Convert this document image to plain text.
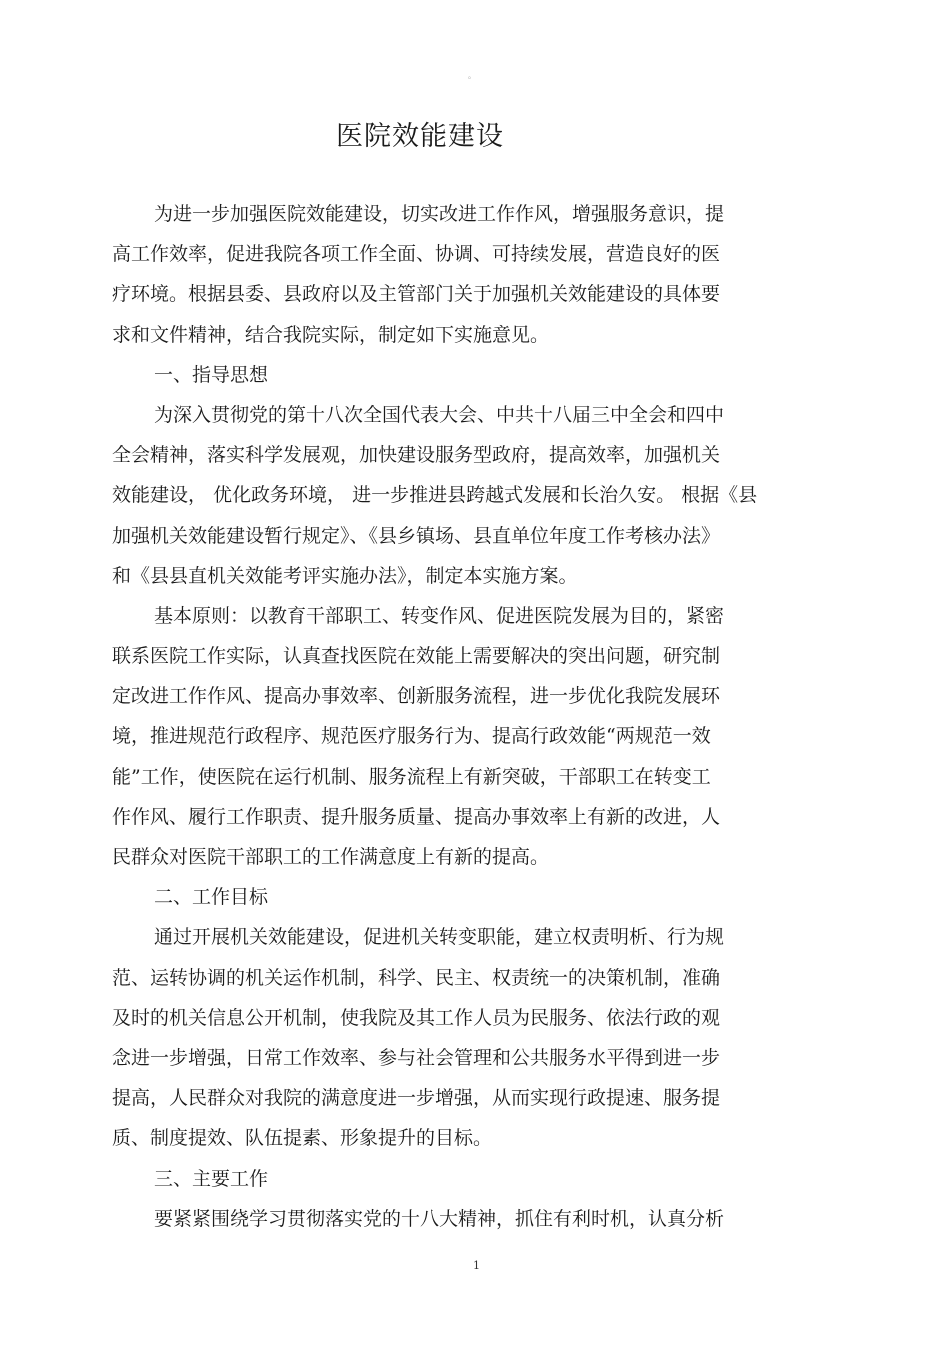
。
医院效能建设
为进一步加强医院效能建设，切实改进工作作风，增强服务意识，提
高工作效率，促进我院各项工作全面、协调、可持续发展，营造良好的医
疗环境。根据县委、县政府以及主管部门关于加强机关效能建设的具体要
求和文件精神，结合我院实际，制定如下实施意见。
一、指导思想
为深入贯彻党的第十八次全国代表大会、中共十八届三中全会和四中
全会精神，落实科学发展观，加快建设服务型政府，提高效率，加强机关
效能建设， 优化政务环境， 进一步推进县跨越式发展和长治久安。 根据《县
加强机关效能建设暂行规定》、《县乡镇场、县直单位年度工作考核办法》
和《县县直机关效能考评实施办法》，制定本实施方案。
基本原则：以教育干部职工、转变作风、促进医院发展为目的，紧密
联系医院工作实际，认真查找医院在效能上需要解决的突出问题，研究制
定改进工作作风、提高办事效率、创新服务流程，进一步优化我院发展环
境，推进规范行政程序、规范医疗服务行为、提高行政效能“两规范一效
能”工作，使医院在运行机制、服务流程上有新突破，干部职工在转变工
作作风、履行工作职责、提升服务质量、提高办事效率上有新的改进，人
民群众对医院干部职工的工作满意度上有新的提高。
二、工作目标
通过开展机关效能建设，促进机关转变职能，建立权责明析、行为规
范、运转协调的机关运作机制，科学、民主、权责统一的决策机制，准确
及时的机关信息公开机制，使我院及其工作人员为民服务、依法行政的观
念进一步增强，日常工作效率、参与社会管理和公共服务水平得到进一步
提高，人民群众对我院的满意度进一步增强，从而实现行政提速、服务提
质、制度提效、队伍提素、形象提升的目标。
三、主要工作
要紧紧围绕学习贯彻落实党的十八大精神，抓住有利时机，认真分析
1
